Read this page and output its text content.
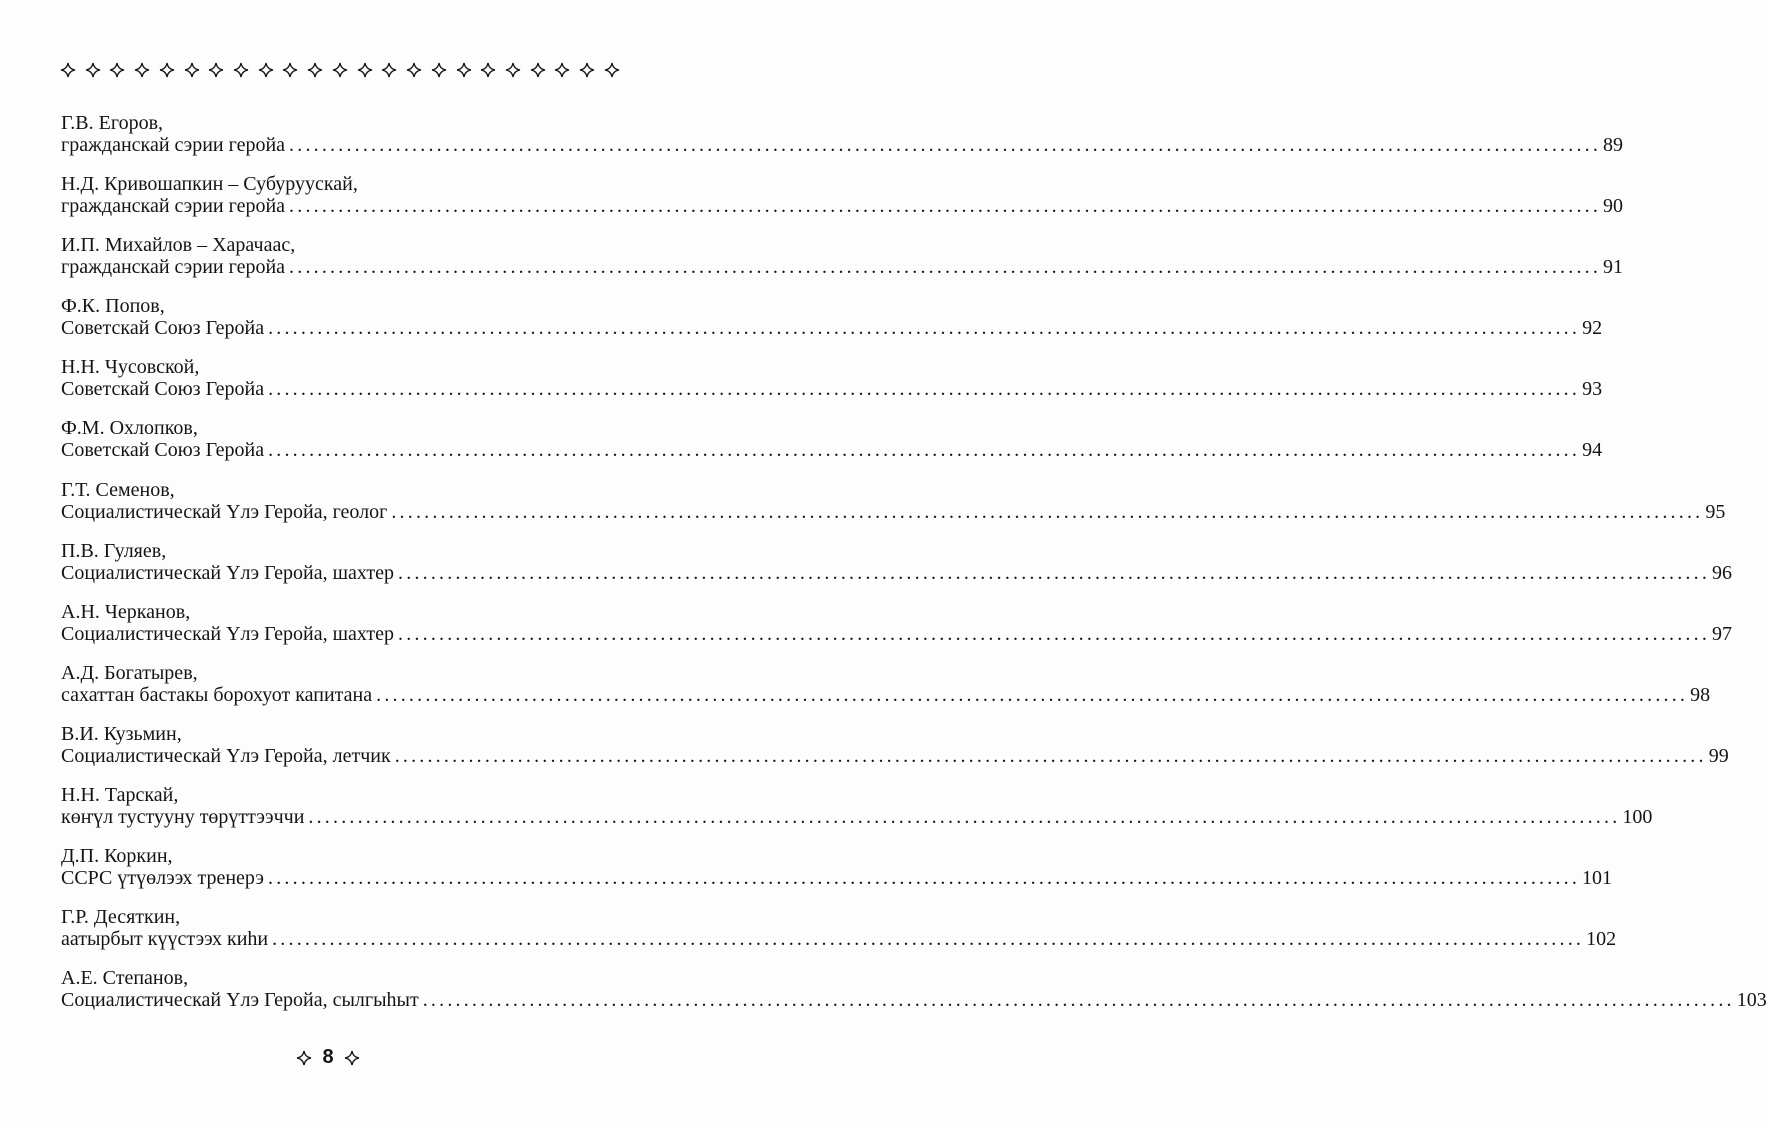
Г.В. Егоров,
гражданскай сэрии геройа ................................................................................................................................................................ 89
Н.Д. Кривошапкин – Субуруускай,
гражданскай сэрии геройа ................................................................................................................................................................ 90
И.П. Михайлов – Харачаас,
гражданскай сэрии геройа ................................................................................................................................................................ 91
Ф.К. Попов,
Советскай Союз Геройа ................................................................................................................................................................ 92
Н.Н. Чусовской,
Советскай Союз Геройа ................................................................................................................................................................ 93
Ф.М. Охлопков,
Советскай Союз Геройа ................................................................................................................................................................ 94
Г.Т. Семенов,
Социалистическай Үлэ Геройа, геолог ................................................................................................................................................................ 95
П.В. Гуляев,
Социалистическай Үлэ Геройа, шахтер ................................................................................................................................................................ 96
А.Н. Черканов,
Социалистическай Үлэ Геройа, шахтер ................................................................................................................................................................ 97
А.Д. Богатырев,
сахаттан бастакы борохуот капитана ................................................................................................................................................................ 98
В.И. Кузьмин,
Социалистическай Үлэ Геройа, летчик ................................................................................................................................................................ 99
Н.Н. Тарскай,
көҥүл тустууну төрүттээччи ................................................................................................................................................................ 100
Д.П. Коркин,
ССРС үтүөлээх тренерэ ................................................................................................................................................................ 101
Г.Р. Десяткин,
аатырбыт күүстээх киһи ................................................................................................................................................................ 102
А.Е. Степанов,
Социалистическай Үлэ Геройа, сылгыһыт ................................................................................................................................................................ 103
8
